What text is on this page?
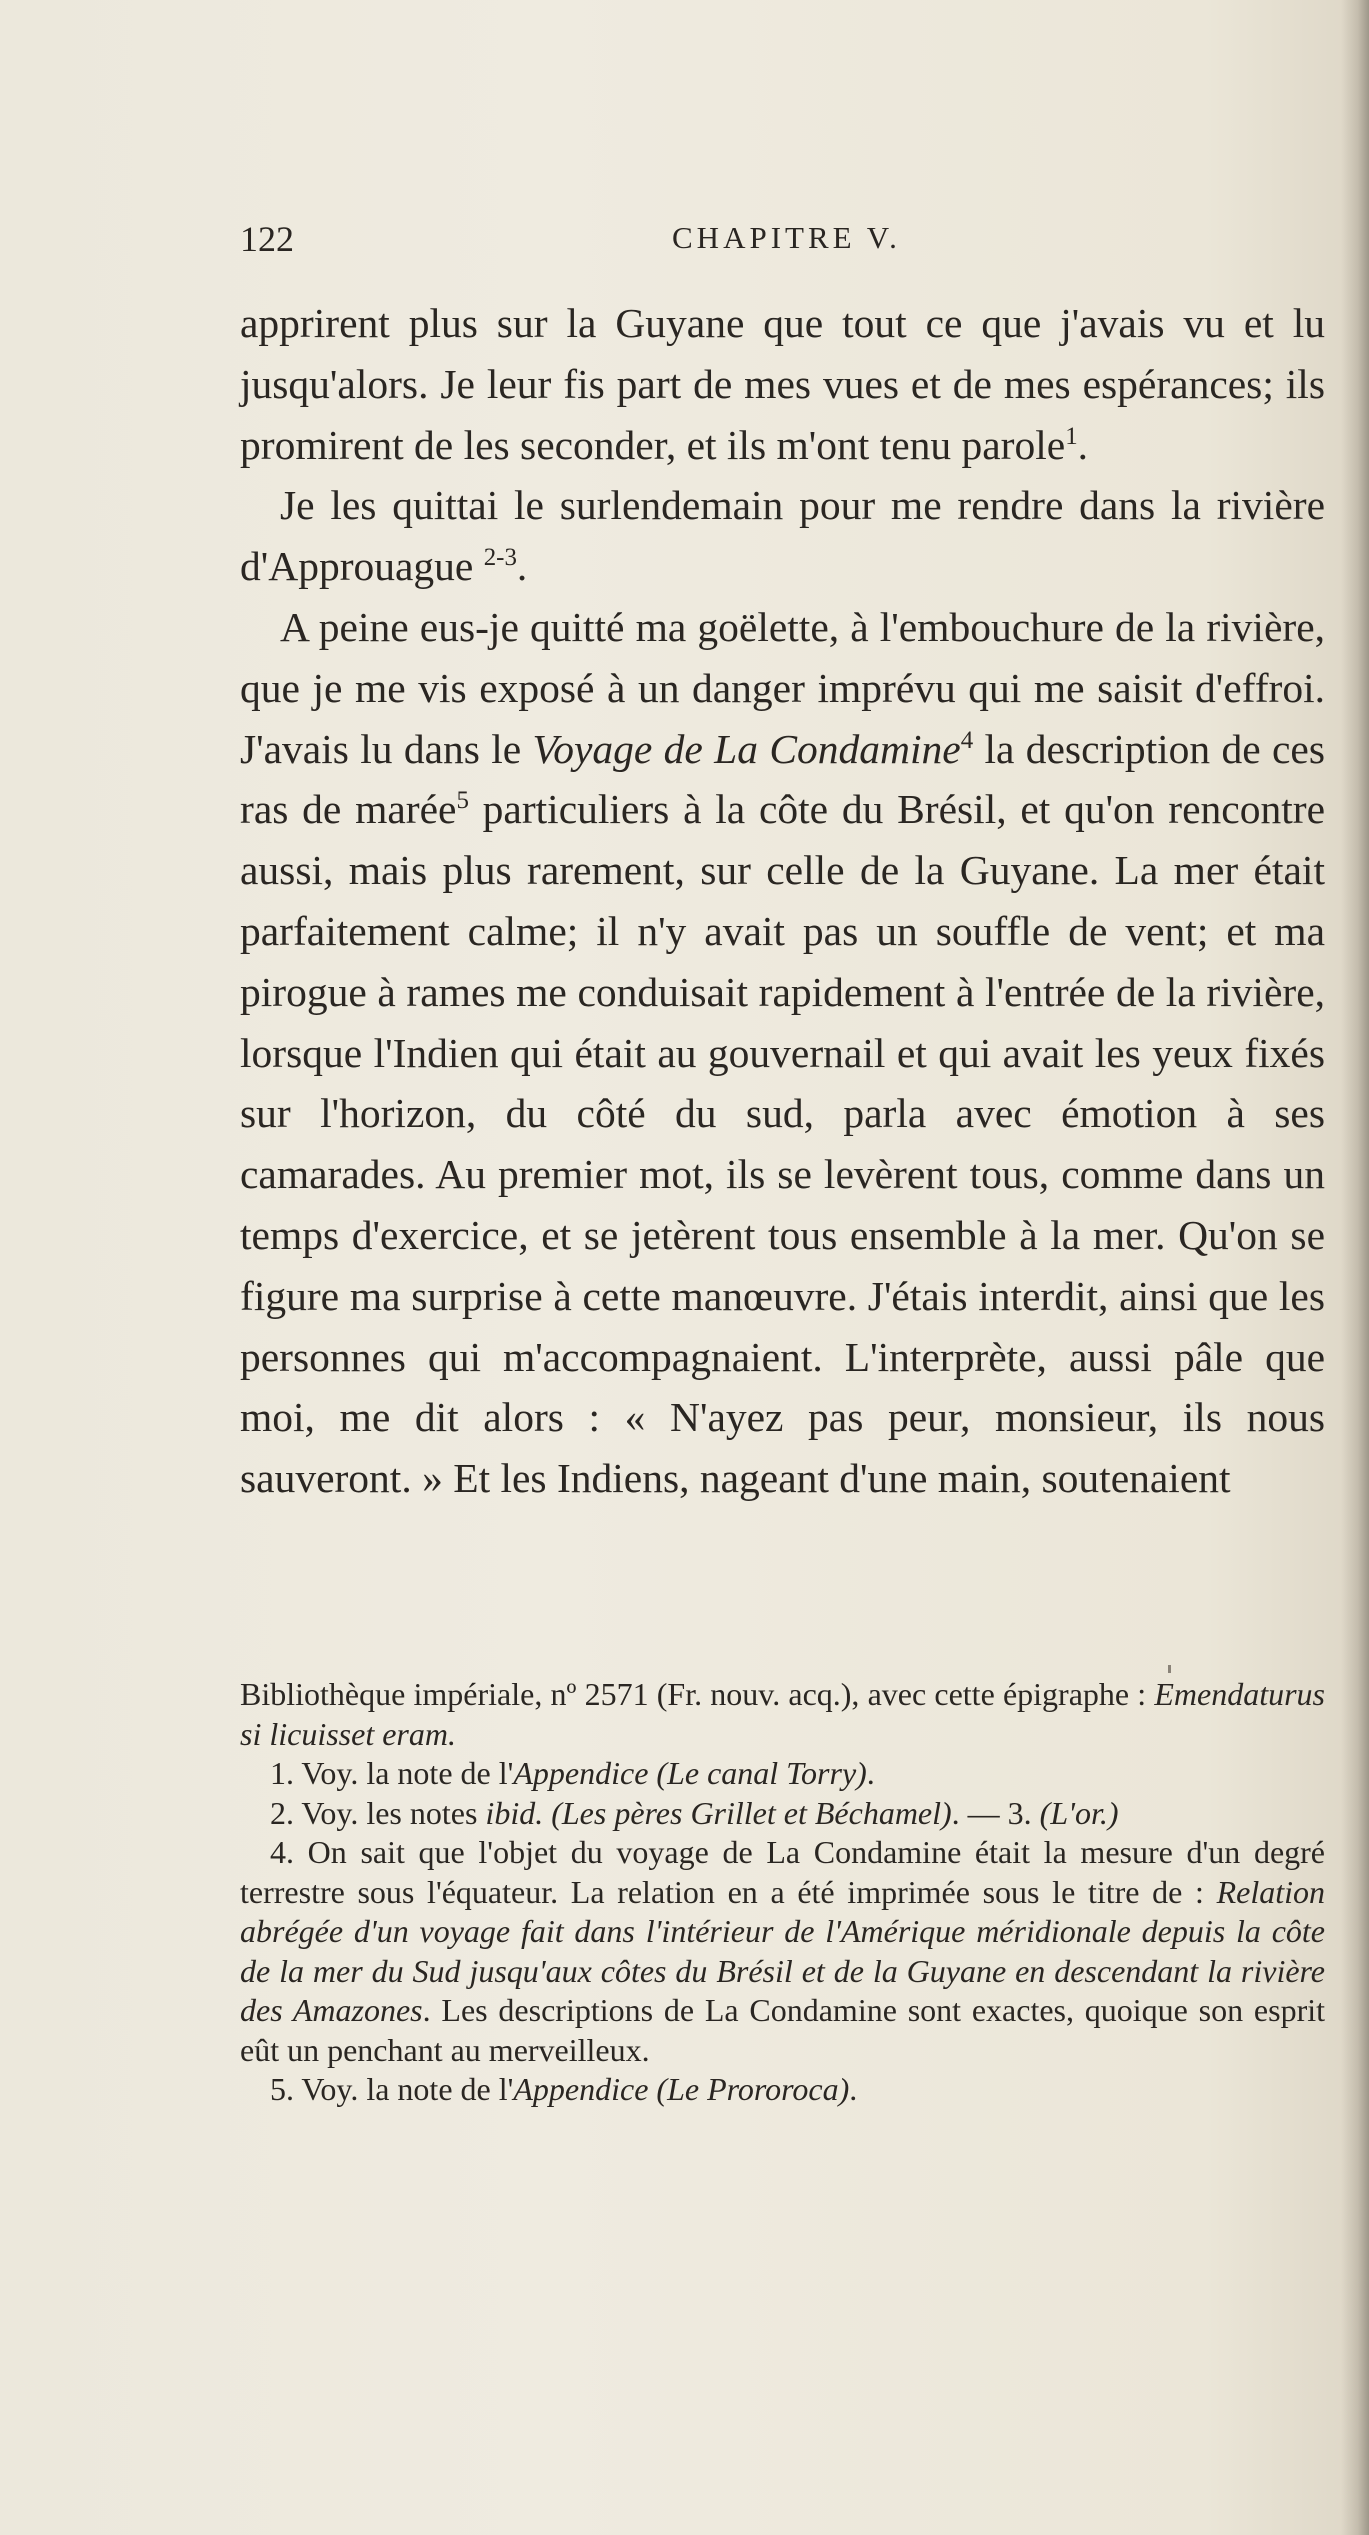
122	CHAPITRE V.

apprirent plus sur la Guyane que tout ce que j'avais vu et lu jusqu'alors. Je leur fis part de mes vues et de mes espérances; ils promirent de les seconder, et ils m'ont tenu parole$^1$.

Je les quittai le surlendemain pour me rendre dans la rivière d'Approuague $^{2-3}$.

A peine eus-je quitté ma goëlette, à l'embouchure de la rivière, que je me vis exposé à un danger imprévu qui me saisit d'effroi. J'avais lu dans le Voyage de La Condamine$^4$ la description de ces ras de marée$^5$ particuliers à la côte du Brésil, et qu'on rencontre aussi, mais plus rarement, sur celle de la Guyane. La mer était parfaitement calme; il n'y avait pas un souffle de vent; et ma pirogue à rames me conduisait rapidement à l'entrée de la rivière, lorsque l'Indien qui était au gouvernail et qui avait les yeux fixés sur l'horizon, du côté du sud, parla avec émotion à ses camarades. Au premier mot, ils se levèrent tous, comme dans un temps d'exercice, et se jetèrent tous ensemble à la mer. Qu'on se figure ma surprise à cette manœuvre. J'étais interdit, ainsi que les personnes qui m'accompagnaient. L'interprète, aussi pâle que moi, me dit alors : « N'ayez pas peur, monsieur, ils nous sauveront. » Et les Indiens, nageant d'une main, soutenaient

Bibliothèque impériale, nº 2571 (Fr. nouv. acq.), avec cette épigraphe : Emendaturus si licuisset eram.

1. Voy. la note de l'Appendice (Le canal Torry).

2. Voy. les notes ibid. (Les pères Grillet et Béchamel). — 3. (L'or.)

4. On sait que l'objet du voyage de La Condamine était la mesure d'un degré terrestre sous l'équateur. La relation en a été imprimée sous le titre de : Relation abrégée d'un voyage fait dans l'intérieur de l'Amérique méridionale depuis la côte de la mer du Sud jusqu'aux côtes du Brésil et de la Guyane en descendant la rivière des Amazones. Les descriptions de La Condamine sont exactes, quoique son esprit eût un penchant au merveilleux.

5. Voy. la note de l'Appendice (Le Prororoca).
